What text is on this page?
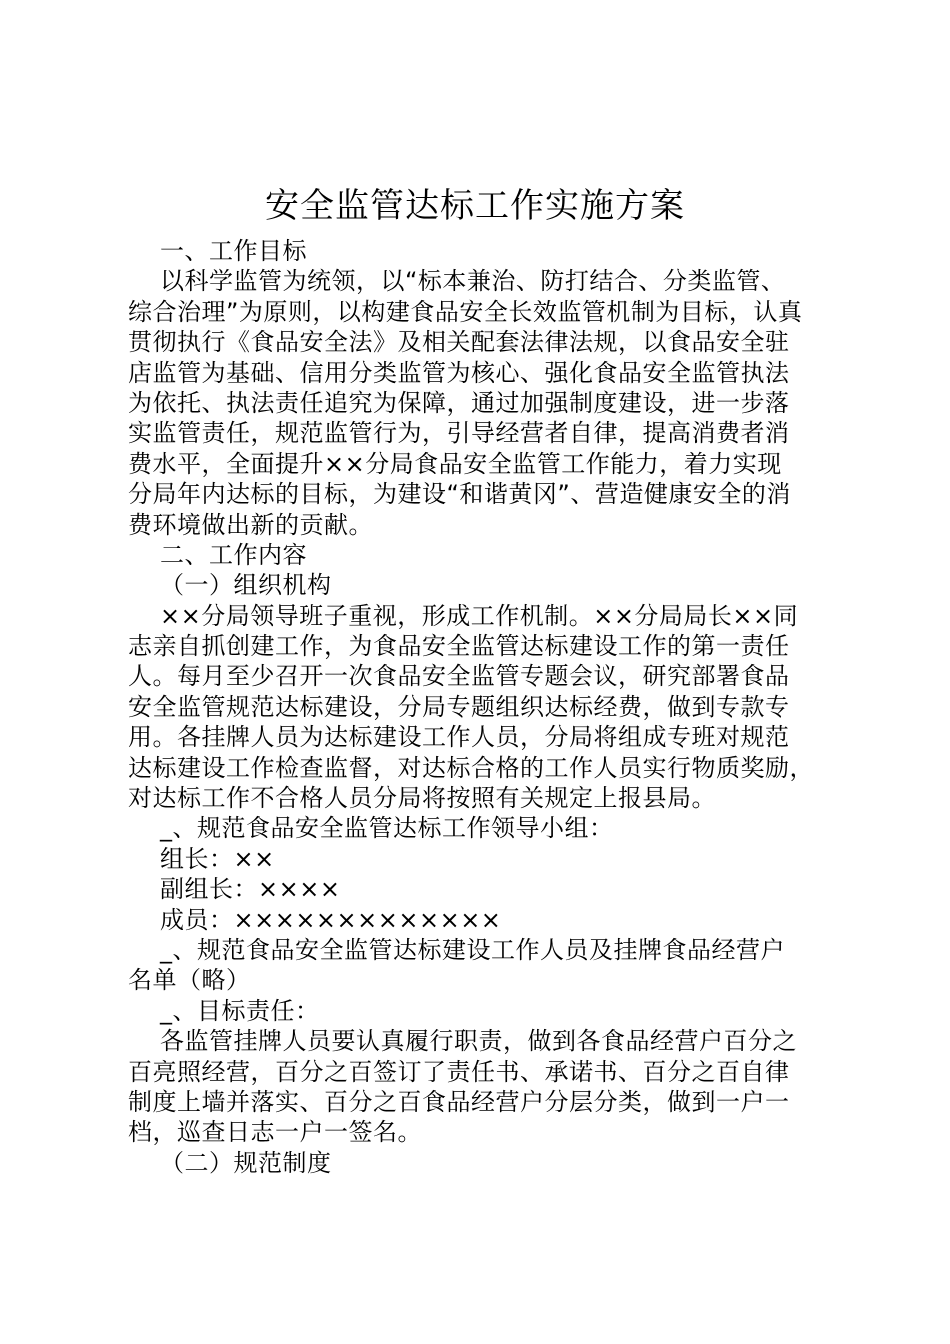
安全监管达标工作实施方案
一、工作目标
以科学监管为统领，以“标本兼治、防打结合、分类监管、
综合治理”为原则，以构建食品安全长效监管机制为目标，认真
贯彻执行《食品安全法》及相关配套法律法规，以食品安全驻
店监管为基础、信用分类监管为核心、强化食品安全监管执法
为依托、执法责任追究为保障，通过加强制度建设，进一步落
实监管责任，规范监管行为，引导经营者自律，提高消费者消
费水平，全面提升××分局食品安全监管工作能力，着力实现
分局年内达标的目标，为建设“和谐黄冈”、营造健康安全的消
费环境做出新的贡献。
二、工作内容
（一）组织机构
××分局领导班子重视，形成工作机制。××分局局长××同
志亲自抓创建工作，为食品安全监管达标建设工作的第一责任
人。每月至少召开一次食品安全监管专题会议，研究部署食品
安全监管规范达标建设，分局专题组织达标经费，做到专款专
用。各挂牌人员为达标建设工作人员，分局将组成专班对规范
达标建设工作检查监督，对达标合格的工作人员实行物质奖励，
对达标工作不合格人员分局将按照有关规定上报县局。
_、规范食品安全监管达标工作领导小组：
组长：××
副组长：××××
成员：×××××××××××××
_、规范食品安全监管达标建设工作人员及挂牌食品经营户
名单（略）
_、目标责任：
各监管挂牌人员要认真履行职责，做到各食品经营户百分之
百亮照经营，百分之百签订了责任书、承诺书、百分之百自律
制度上墙并落实、百分之百食品经营户分层分类，做到一户一
档，巡查日志一户一签名。
（二）规范制度
